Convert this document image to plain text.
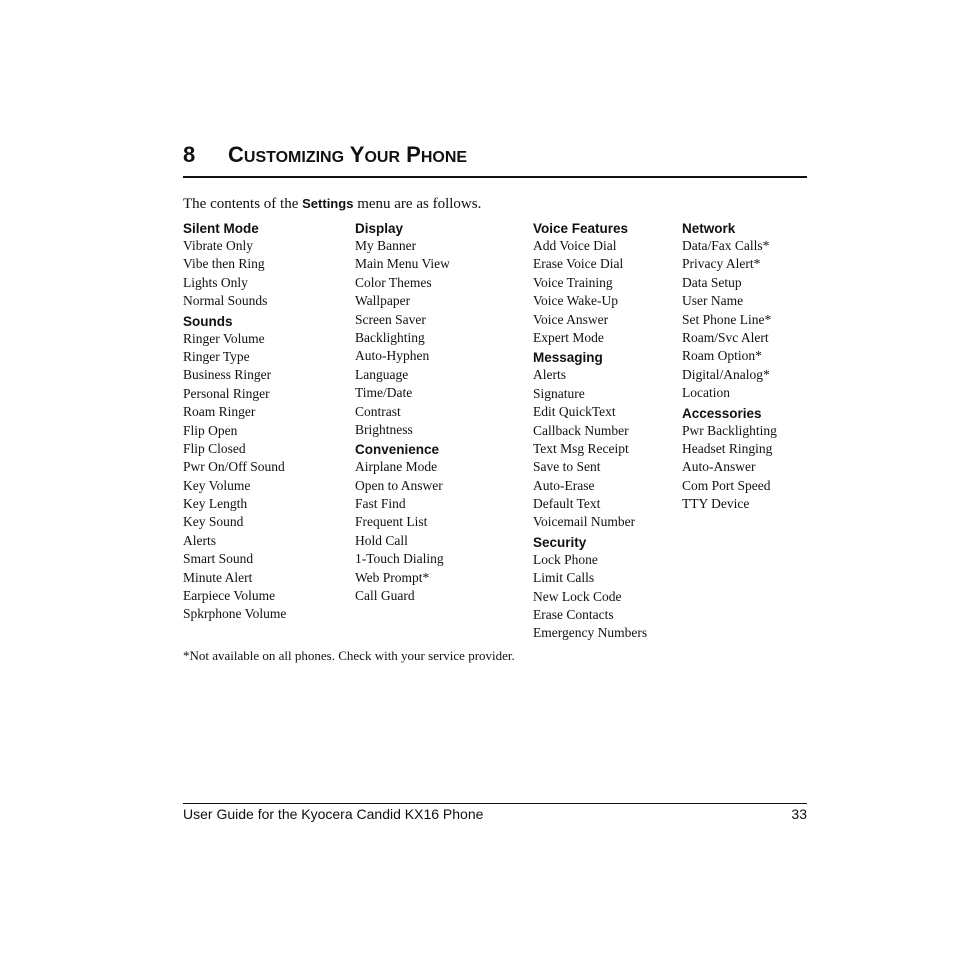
8 CUSTOMIZING YOUR PHONE
The contents of the Settings menu are as follows.
Silent Mode
Vibrate Only
Vibe then Ring
Lights Only
Normal Sounds
Sounds
Ringer Volume
Ringer Type
Business Ringer
Personal Ringer
Roam Ringer
Flip Open
Flip Closed
Pwr On/Off Sound
Key Volume
Key Length
Key Sound
Alerts
Smart Sound
Minute Alert
Earpiece Volume
Spkrphone Volume
Display
My Banner
Main Menu View
Color Themes
Wallpaper
Screen Saver
Backlighting
Auto-Hyphen
Language
Time/Date
Contrast
Brightness
Convenience
Airplane Mode
Open to Answer
Fast Find
Frequent List
Hold Call
1-Touch Dialing
Web Prompt*
Call Guard
Voice Features
Add Voice Dial
Erase Voice Dial
Voice Training
Voice Wake-Up
Voice Answer
Expert Mode
Messaging
Alerts
Signature
Edit QuickText
Callback Number
Text Msg Receipt
Save to Sent
Auto-Erase
Default Text
Voicemail Number
Security
Lock Phone
Limit Calls
New Lock Code
Erase Contacts
Emergency Numbers
Network
Data/Fax Calls*
Privacy Alert*
Data Setup
User Name
Set Phone Line*
Roam/Svc Alert
Roam Option*
Digital/Analog*
Location
Accessories
Pwr Backlighting
Headset Ringing
Auto-Answer
Com Port Speed
TTY Device
*Not available on all phones. Check with your service provider.
User Guide for the Kyocera Candid KX16 Phone	33
